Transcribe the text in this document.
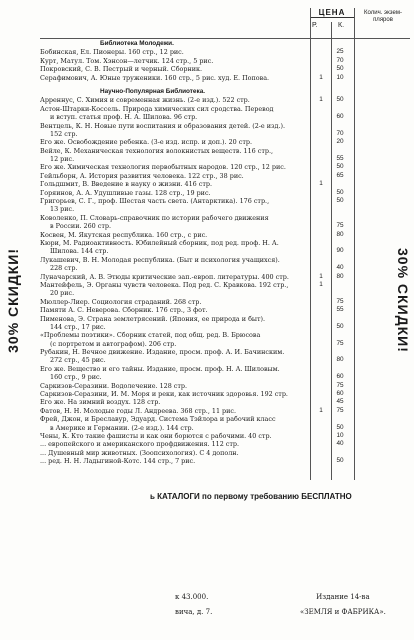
30% СКИДКИ!	30% СКИДКИ!
ЦЕНА
Р.	К.
Колич. экзем- пляров
Библиотека Молодежи.
Бобинская, Ел. Пионеры. 160 стр., 12 рис.	25
Курт, Матул. Том. Хэнсон—летчик. 124 стр., 5 рис.	70
Покровский, С. В. Пестрый и черный. Сборник.	50
Серафимович, А. Юные труженики. 160 стр., 5 рис. худ. Е. Попова.	1	10
Научно-Популярная Библиотека.
Арреннус, С. Химия и современная жизнь. (2-е изд.). 522 стр.	1	50
Астон-Штарки-Коссель. Природа химических сил сродства. Перевод
и вступ. статья проф. Н. А. Шилова. 96 стр.	60
Вентцель, К. Н. Новые пути воспитания и образования детей. (2-е изд.).
152 стр.	70
Его же. Освобождение ребенка. (3-е изд. испр. и доп.). 20 стр.	20
Вейле, К. Механическая технология волокнистых веществ. 116 стр.,
12 рис.	55
Его же. Химическая технология первобытных народов. 120 стр., 12 рис.	50
Гейльборн, А. История развития человека. 122 стр., 38 рис.	65
Гольдшмит, В. Введение в науку о жизни. 416 стр.	1
Горяинов, А. А. Удушливые газы. 128 стр., 19 рис.	50
Григорьев, С. Г., проф. Шестая часть света. (Антарктика). 176 стр.,	50
13 рис.
Коволенко, П. Словарь-справочник по истории рабочего движения
в России. 260 стр.	75
Косвен, М. Якутская республика. 160 стр., с рис.	80
Кюри, М. Радиоактивность. Юбилейный сборник, под ред. проф. Н. А.
Шилова. 144 стр.	90
Лукашевич, В. Н. Молодая республика. (Быт и психология учащихся).
228 стр.	40
Луначарский, А. В. Этюды критические зап.-европ. литературы. 400 стр.	1	80
Мантейфель, Э. Органы чувств человека. Под ред. С. Кравкова. 192 стр.,	1
20 рис.
Мюллер-Лиер. Социология страданий. 268 стр.	75
Памяти А. С. Неверова. Сборник. 176 стр., 3 фот.	55
Пименова, Э. Страна землетрясений. (Япония, ее природа и быт).
144 стр., 17 рис.	50
«Проблемы поэтики». Сборник статей, под общ. ред. В. Брюсова
(с портретом и автографом). 206 стр.	75
Рубакин, Н. Вечное движение. Издание, просм. проф. А. И. Бачинским.
272 стр., 45 рис.	80
Его же. Вещество и его тайны. Издание, просм. проф. Н. А. Шиловым.
160 стр., 9 рис.	60
Саркизов-Серазини. Водолечение. 128 стр.	75
Саркизов-Серазини, И. М. Моря и реки, как источник здоровья. 192 стр.	60
Его же. На зимний воздух. 128 стр.	45
Фатов, Н. Н. Молодые годы Л. Андреева. 368 стр., 11 рис.	1	75
Фрей, Джон, и Бреславур, Эдуард. Система Тэйлора и рабочий класс
в Америке и Германии. (2-е изд.). 144 стр.	50
Чены, К. Кто такие фашисты и как они борются с рабочими. 40 стр.	10
... европейского и американского профдвижения. 112 стр.	40
... Душевный мир животных. (Зоопсихология). С 4 дополн.
... ред. Н. Н. Ладыгиной-Котс. 144 стр., 7 рис.	50
ь КАТАЛОГИ по первому требованию БЕСПЛАТНО
к 43.000.
вича, д. 7.
Издание 14-ва
«ЗЕМЛЯ и ФАБРИКА».
